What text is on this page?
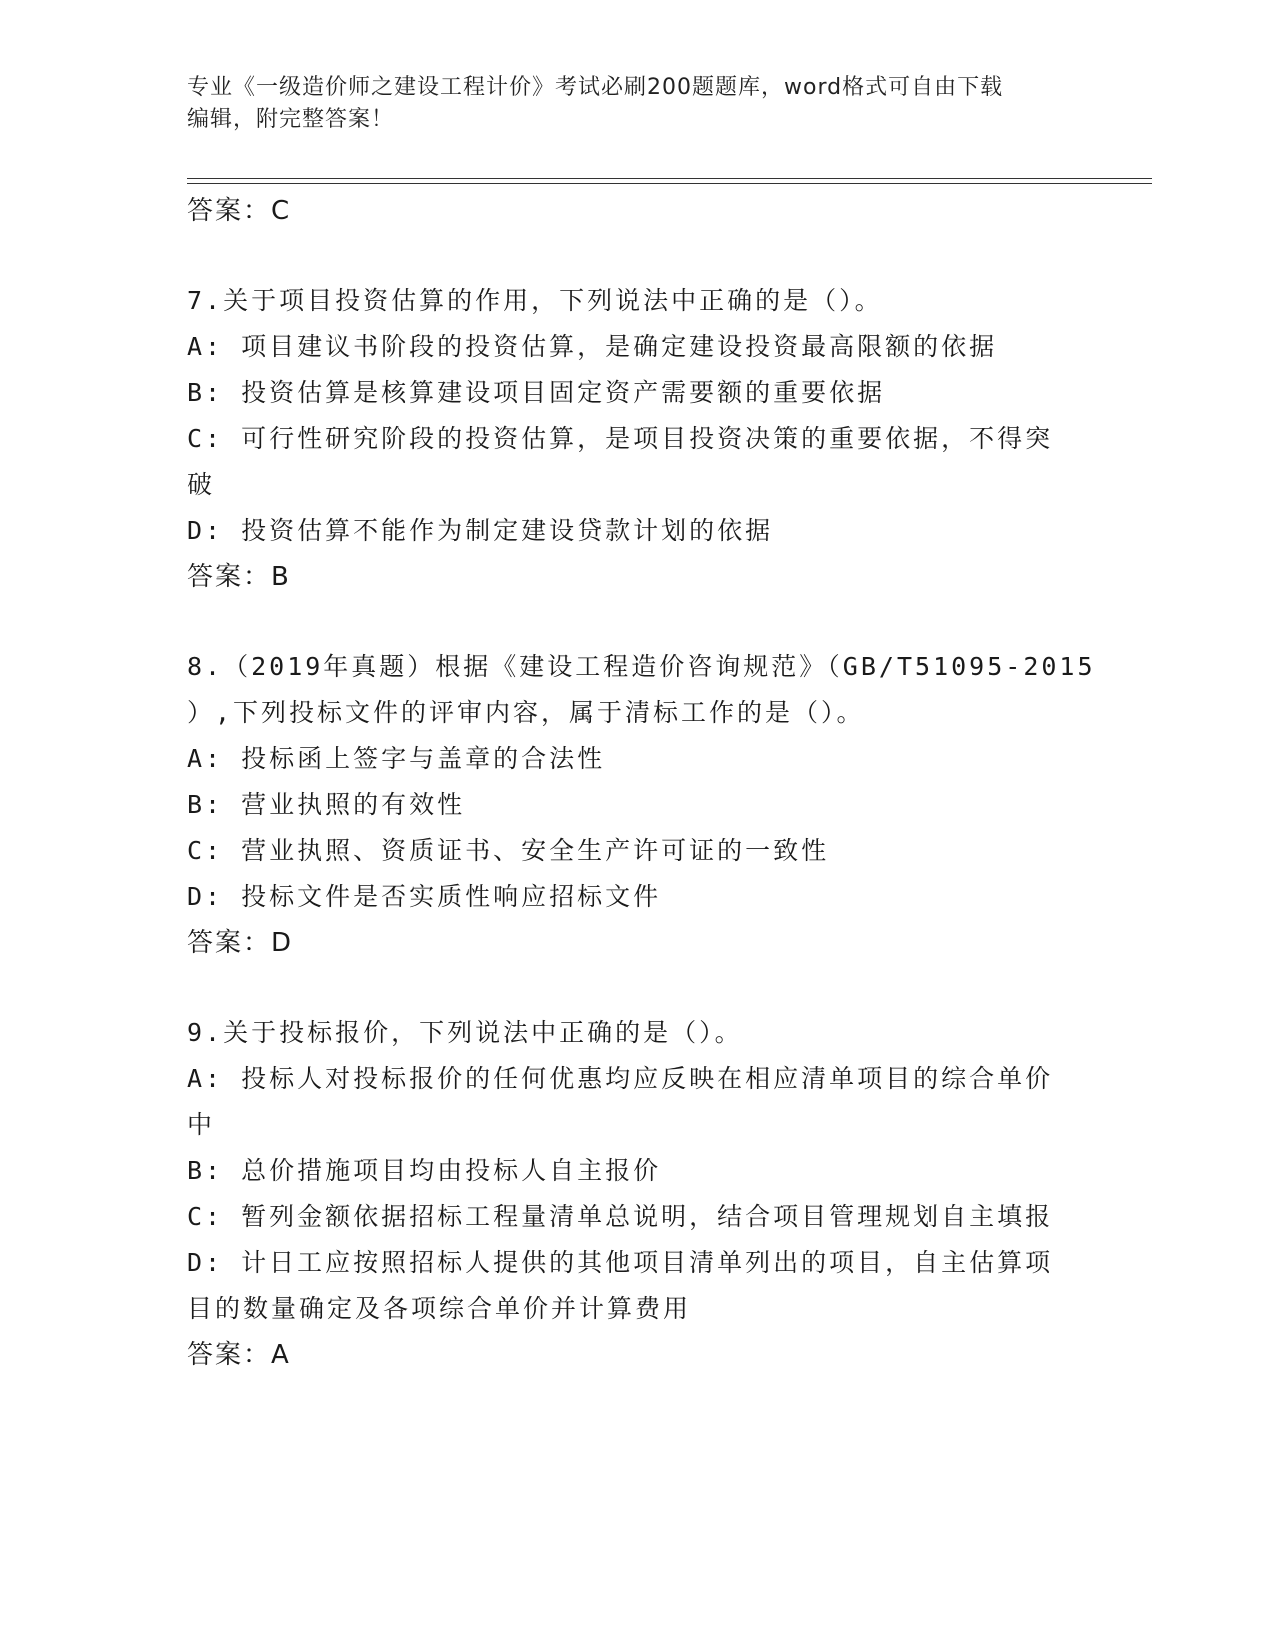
专业《一级造价师之建设工程计价》考试必刷200题题库，word格式可自由下载
编辑，附完整答案！
答案：C
7.关于项目投资估算的作用，下列说法中正确的是（）。
A: 项目建议书阶段的投资估算，是确定建设投资最高限额的依据
B: 投资估算是核算建设项目固定资产需要额的重要依据
C: 可行性研究阶段的投资估算，是项目投资决策的重要依据，不得突
破
D: 投资估算不能作为制定建设贷款计划的依据
答案：B
8.（2019年真题）根据《建设工程造价咨询规范》（GB/T51095-2015
）,下列投标文件的评审内容，属于清标工作的是（）。
A: 投标函上签字与盖章的合法性
B: 营业执照的有效性
C: 营业执照、资质证书、安全生产许可证的一致性
D: 投标文件是否实质性响应招标文件
答案：D
9.关于投标报价，下列说法中正确的是（）。
A: 投标人对投标报价的任何优惠均应反映在相应清单项目的综合单价
中
B: 总价措施项目均由投标人自主报价
C: 暂列金额依据招标工程量清单总说明，结合项目管理规划自主填报
D: 计日工应按照招标人提供的其他项目清单列出的项目，自主估算项
目的数量确定及各项综合单价并计算费用
答案：A
